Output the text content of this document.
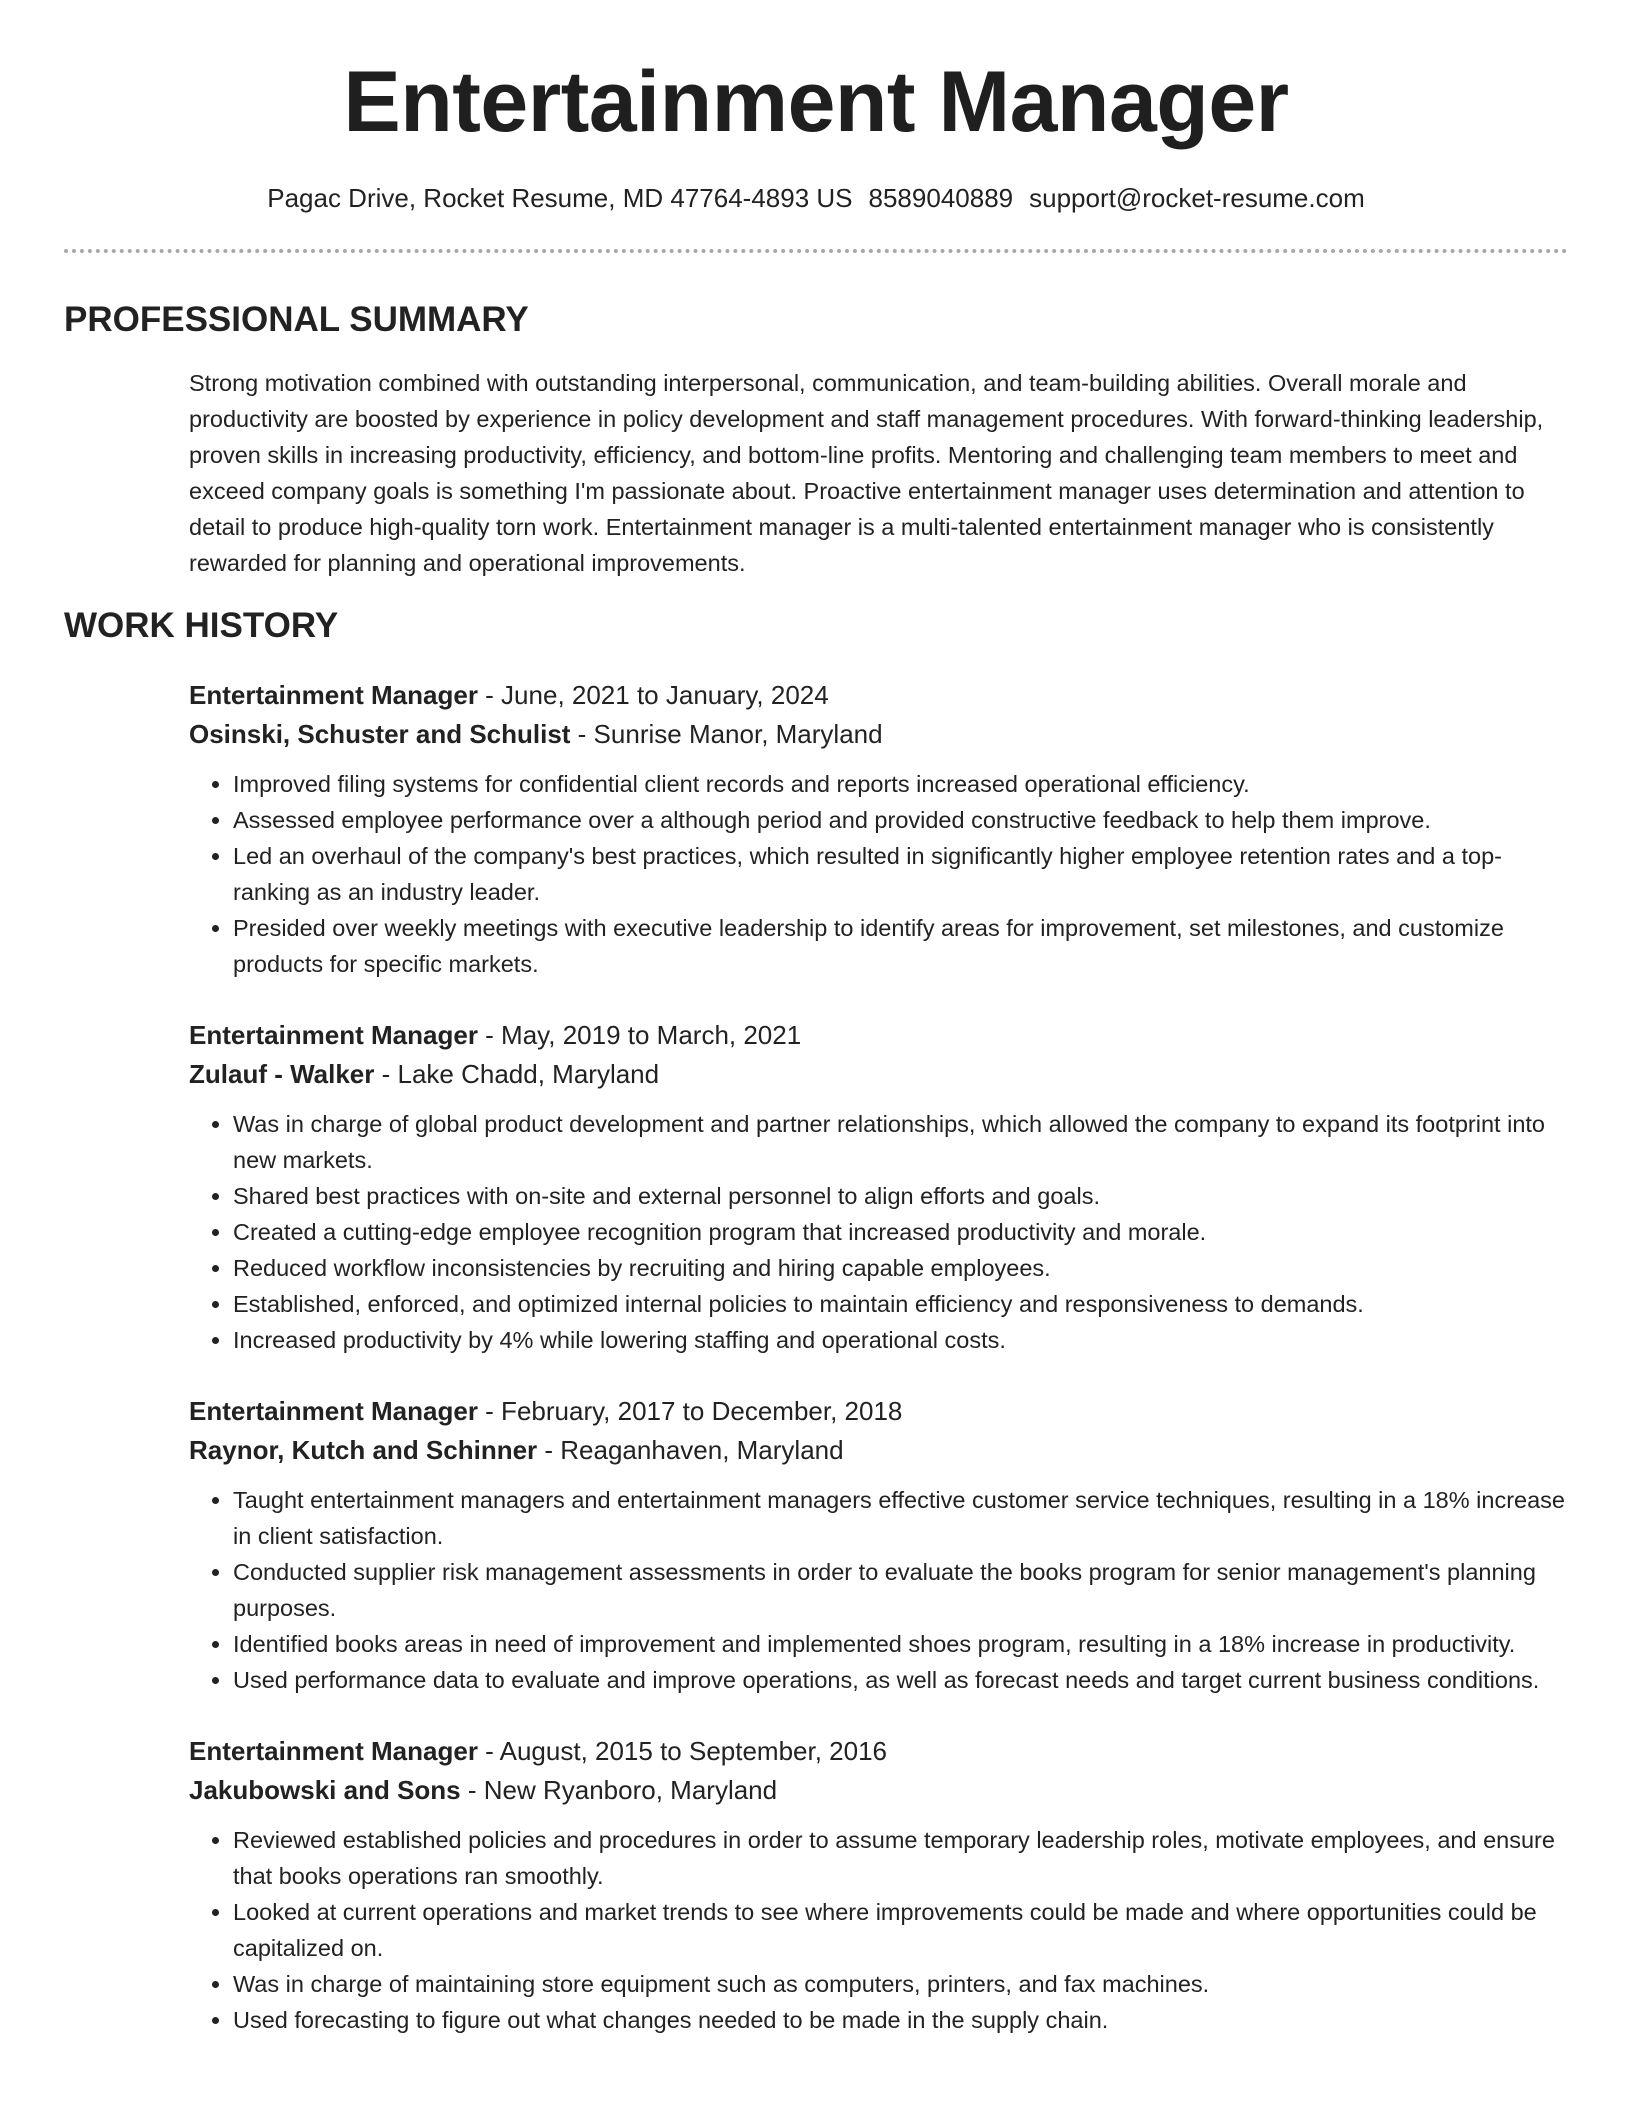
Entertainment Manager
Pagac Drive, Rocket Resume, MD 47764-4893 US 8589040889 support@rocket-resume.com
PROFESSIONAL SUMMARY

Strong motivation combined with outstanding interpersonal, communication, and team-building abilities. Overall morale and productivity are boosted by experience in policy development and staff management procedures. With forward-thinking leadership, proven skills in increasing productivity, efficiency, and bottom-line profits. Mentoring and challenging team members to meet and exceed company goals is something I'm passionate about. Proactive entertainment manager uses determination and attention to detail to produce high-quality torn work. Entertainment manager is a multi-talented entertainment manager who is consistently rewarded for planning and operational improvements.

WORK HISTORY

Entertainment Manager - June, 2021 to January, 2024

Osinski, Schuster and Schulist - Sunrise Manor, Maryland

• Improved filing systems for confidential client records and reports increased operational efficiency.
• Assessed employee performance over a although period and provided constructive feedback to help them improve.
• Led an overhaul of the company's best practices, which resulted in significantly higher employee retention rates and a top-ranking as an industry leader.
• Presided over weekly meetings with executive leadership to identify areas for improvement, set milestones, and customize products for specific markets.

Entertainment Manager - May, 2019 to March, 2021

Zulauf - Walker - Lake Chadd, Maryland

• Was in charge of global product development and partner relationships, which allowed the company to expand its footprint into new markets.
• Shared best practices with on-site and external personnel to align efforts and goals.
• Created a cutting-edge employee recognition program that increased productivity and morale.
• Reduced workflow inconsistencies by recruiting and hiring capable employees.
• Established, enforced, and optimized internal policies to maintain efficiency and responsiveness to demands.
• Increased productivity by 4% while lowering staffing and operational costs.

Entertainment Manager - February, 2017 to December, 2018

Raynor, Kutch and Schinner - Reaganhaven, Maryland

• Taught entertainment managers and entertainment managers effective customer service techniques, resulting in a 18% increase in client satisfaction.
• Conducted supplier risk management assessments in order to evaluate the books program for senior management's planning purposes.
• Identified books areas in need of improvement and implemented shoes program, resulting in a 18% increase in productivity.
• Used performance data to evaluate and improve operations, as well as forecast needs and target current business conditions.

Entertainment Manager - August, 2015 to September, 2016

Jakubowski and Sons - New Ryanboro, Maryland

• Reviewed established policies and procedures in order to assume temporary leadership roles, motivate employees, and ensure that books operations ran smoothly.
• Looked at current operations and market trends to see where improvements could be made and where opportunities could be capitalized on.
• Was in charge of maintaining store equipment such as computers, printers, and fax machines.
• Used forecasting to figure out what changes needed to be made in the supply chain.
